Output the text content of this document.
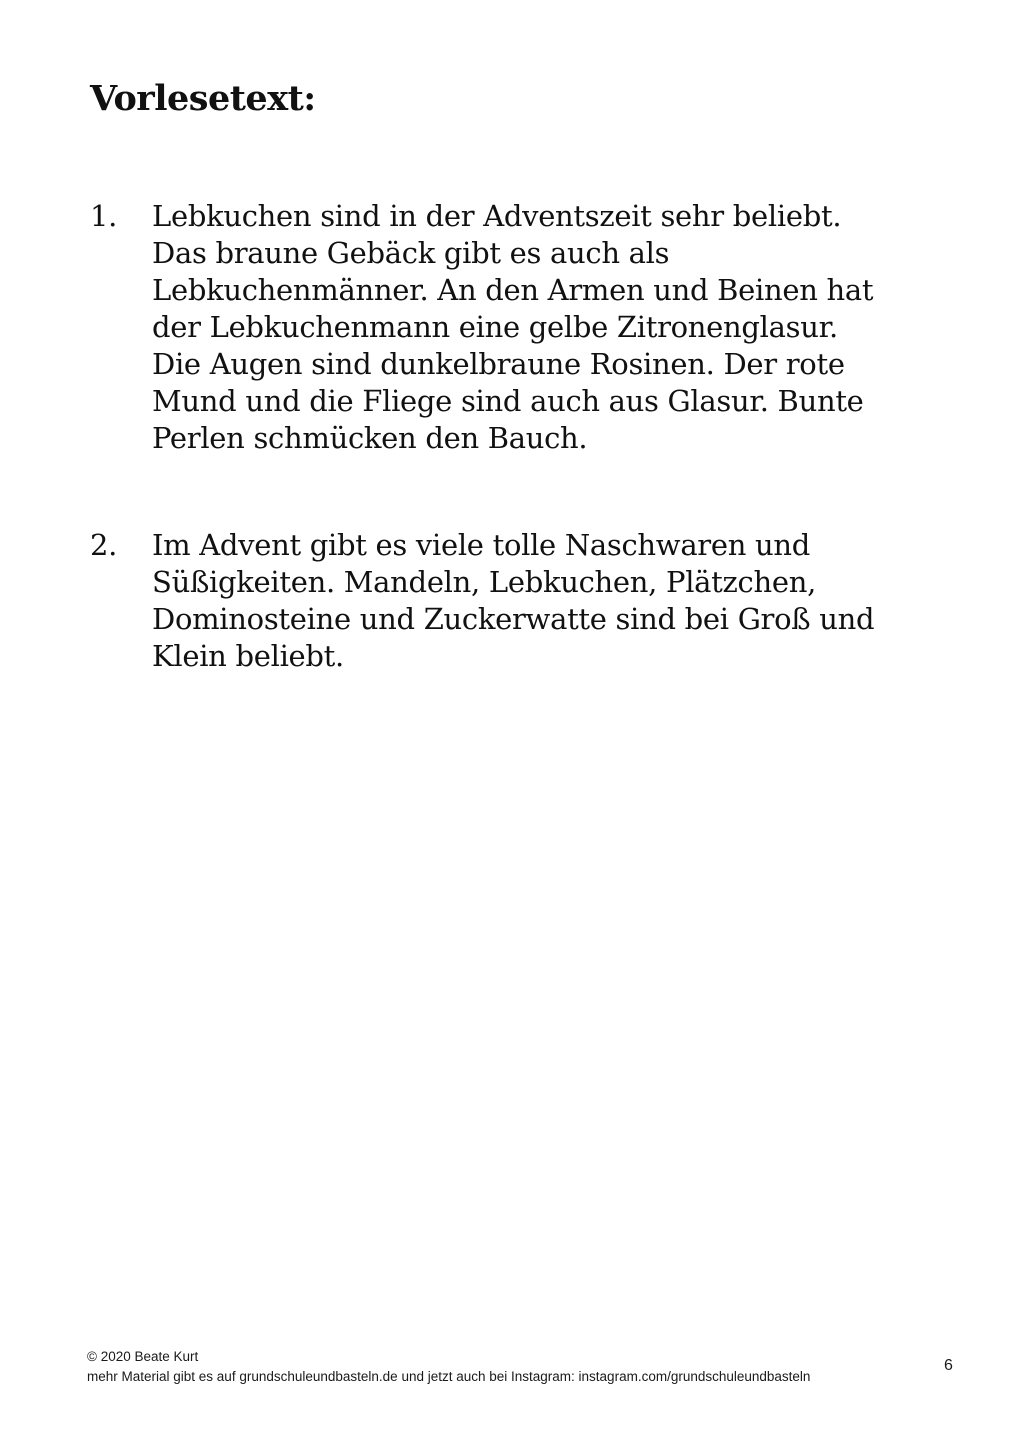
Vorlesetext:
1.	Lebkuchen sind in der Adventszeit sehr beliebt.
Das braune Gebäck gibt es auch als
Lebkuchenmänner. An den Armen und Beinen hat
der Lebkuchenmann eine gelbe Zitronenglasur.
Die Augen sind dunkelbraune Rosinen. Der rote
Mund und die Fliege sind auch aus Glasur. Bunte
Perlen schmücken den Bauch.
2.	Im Advent gibt es viele tolle Naschwaren und
Süßigkeiten. Mandeln, Lebkuchen, Plätzchen,
Dominosteine und Zuckerwatte sind bei Groß und
Klein beliebt.
© 2020 Beate Kurt
mehr Material gibt es auf grundschuleundbasteln.de und jetzt auch bei Instagram: instagram.com/grundschuleundbasteln
6
